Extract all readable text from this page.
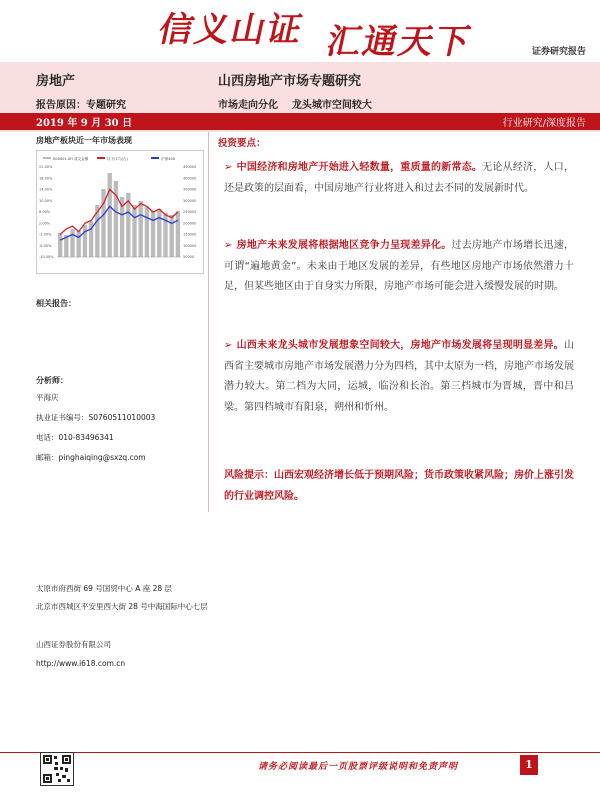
信义山证 汇通天下	证券研究报告
房地产	山西房地产市场专题研究
报告原因：专题研究	市场走向分化    龙头城市空间较大
2019 年 9 月 30 日	行业研究/深度报告
房地产板块近一年市场表现
000001.SH 成交金额	以下(1T)(右)	沪深300
22.00%
18.00%
14.00%
10.00%
6.00%
2.00%
-2.00%
-6.00%
-10.00%
450000
400000
350000
300000
250000
200000
150000
100000
50000
相关报告：
分析师：
平海庆
执业证书编号：S0760511010003
电话：010-83496341
邮箱：pinghaiqing@sxzq.com
太原市府西街 69 号国贸中心 A 座 28 层
北京市西城区平安里西大街 28 号中海国际中心七层
山西证券股份有限公司
http://www.i618.com.cn
投资要点：
➢ 中国经济和房地产开始进入轻数量，重质量的新常态。无论从经济，人口，还是政策的层面看，中国房地产行业将进入和过去不同的发展新时代。
➢ 房地产未来发展将根据地区竞争力呈现差异化。过去房地产市场增长迅速，可谓“遍地黄金”。未来由于地区发展的差异，有些地区房地产市场依然潜力十足，但某些地区由于自身实力所限，房地产市场可能会进入缓慢发展的时期。
➢ 山西未来龙头城市发展想象空间较大，房地产市场发展将呈现明显差异。山西省主要城市房地产市场发展潜力分为四档，其中太原为一档，房地产市场发展潜力较大。第二档为大同，运城，临汾和长治。第三档城市为晋城，晋中和吕梁。第四档城市有阳泉，朔州和忻州。
风险提示：山西宏观经济增长低于预期风险；货币政策收紧风险；房价上涨引发的行业调控风险。
请务必阅读最后一页股票评级说明和免责声明	1
